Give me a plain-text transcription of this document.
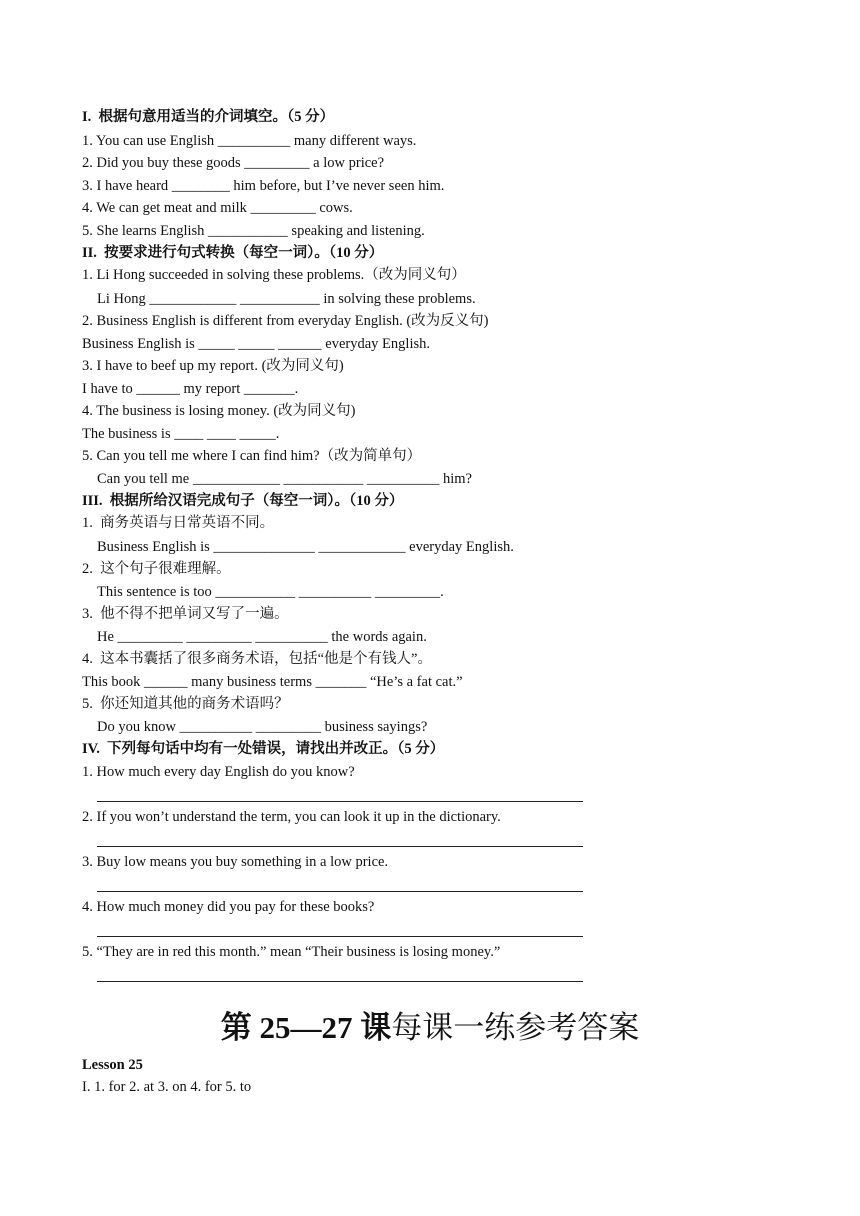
I.  根据句意用适当的介词填空。（5 分）
1. You can use English __________ many different ways.
2. Did you buy these goods _________ a low price?
3. I have heard ________ him before, but I’ve never seen him.
4. We can get meat and milk _________ cows.
5. She learns English ___________ speaking and listening.
II.  按要求进行句式转换（每空一词）。（10 分）
1. Li Hong succeeded in solving these problems.（改为同义句）
Li Hong ____________ ___________ in solving these problems.
2. Business English is different from everyday English. (改为反义句)
Business English is _____ _____ ______ everyday English.
3. I have to beef up my report. (改为同义句)
I have to ______ my report _______.
4. The business is losing money. (改为同义句)
The business is ____ ____ _____.
5. Can you tell me where I can find him?（改为简单句）
Can you tell me ____________ ___________ __________ him?
III.  根据所给汉语完成句子（每空一词）。（10 分）
1.  商务英语与日常英语不同。
Business English is ______________ ____________ everyday English.
2.  这个句子很难理解。
This sentence is too ___________ __________ _________.
3.  他不得不把单词又写了一遍。
He _________ _________ __________ the words again.
4.  这本书囊括了很多商务术语，包括“他是个有钱人”。
This book ______ many business terms _______ “He’s a fat cat.”
5.  你还知道其他的商务术语吗？
Do you know __________ _________ business sayings?
IV.  下列每句话中均有一处错误，请找出并改正。（5 分）
1. How much every day English do you know?
2. If you won’t understand the term, you can look it up in the dictionary.
3. Buy low means you buy something in a low price.
4. How much money did you pay for these books?
5. “They are in red this month.” mean “Their business is losing money.”
第 25—27 课每课一练参考答案
Lesson 25
I. 1. for 2. at 3. on 4. for 5. to
